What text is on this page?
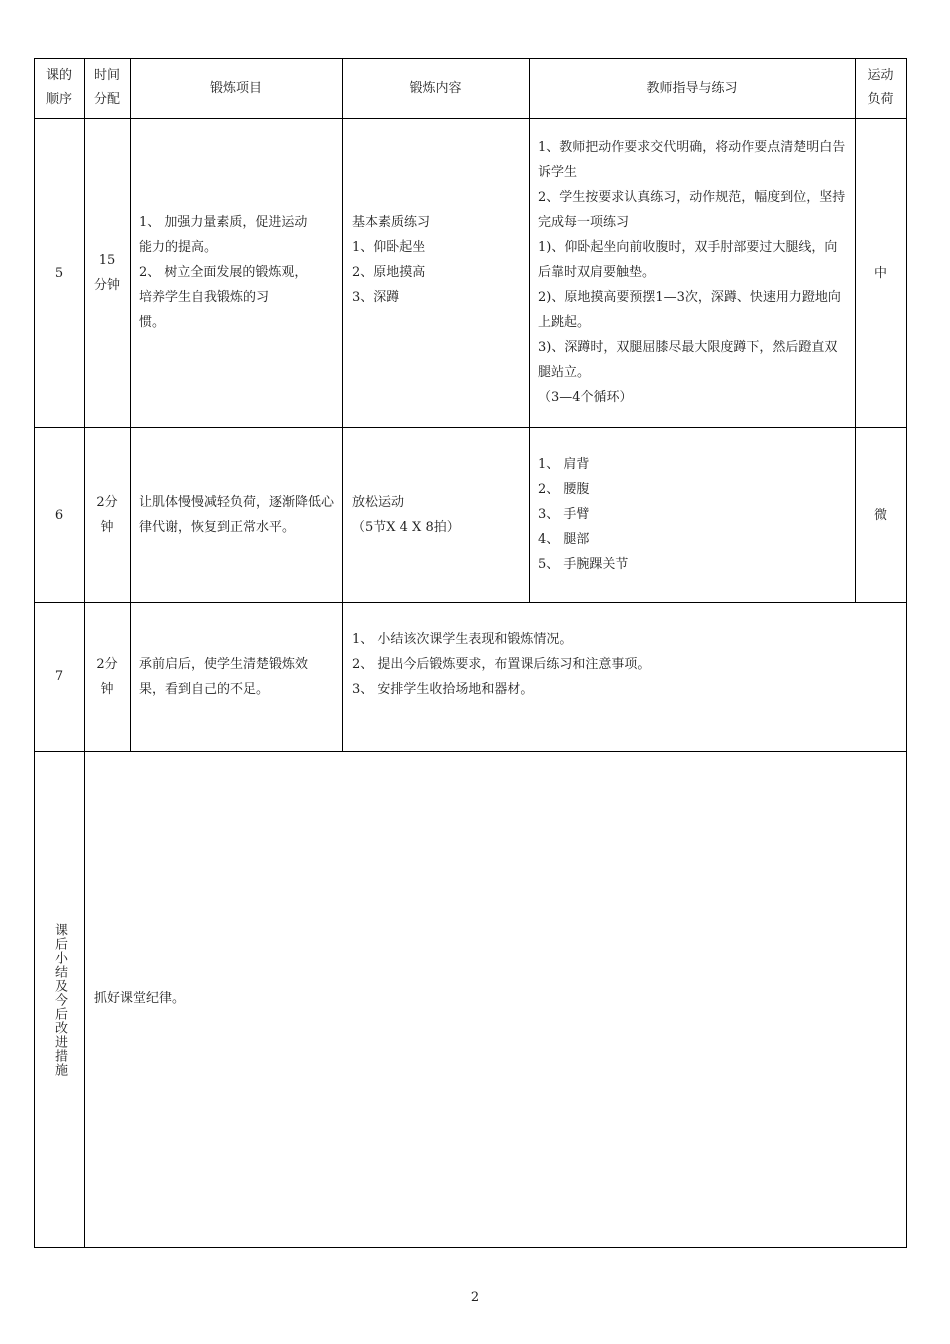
课的
顺序
时间
分配
锻炼项目	锻炼内容	教师指导与练习
运动
负荷
5
15
分钟
1、 加强力量素质，促进运动
能力的提高。
2、 树立全面发展的锻炼观，
培养学生自我锻炼的习
惯。
基本素质练习
1、仰卧起坐
2、原地摸高
3、深蹲
1、教师把动作要求交代明确，将动作要点清楚明白告诉学生
2、学生按要求认真练习，动作规范，幅度到位，坚持完成每一项练习
1)、仰卧起坐向前收腹时，双手肘部要过大腿线，向后靠时双肩要触垫。
2)、原地摸高要预摆1—3次，深蹲、快速用力蹬地向上跳起。
3)、深蹲时，双腿屈膝尽最大限度蹲下，然后蹬直双腿站立。
（3—4个循环）
中
6
2分
钟
让肌体慢慢减轻负荷，逐渐降低心律代谢，恢复到正常水平。
放松运动
（5节X 4 X 8拍）
1、 肩背
2、 腰腹
3、 手臂
4、 腿部
5、 手腕踝关节
微
7
2分
钟
承前启后，使学生清楚锻炼效果，看到自己的不足。
1、 小结该次课学生表现和锻炼情况。
2、 提出今后锻炼要求，布置课后练习和注意事项。
3、 安排学生收拾场地和器材。
课后小结及今后改进措施 抓好课堂纪律。
2
